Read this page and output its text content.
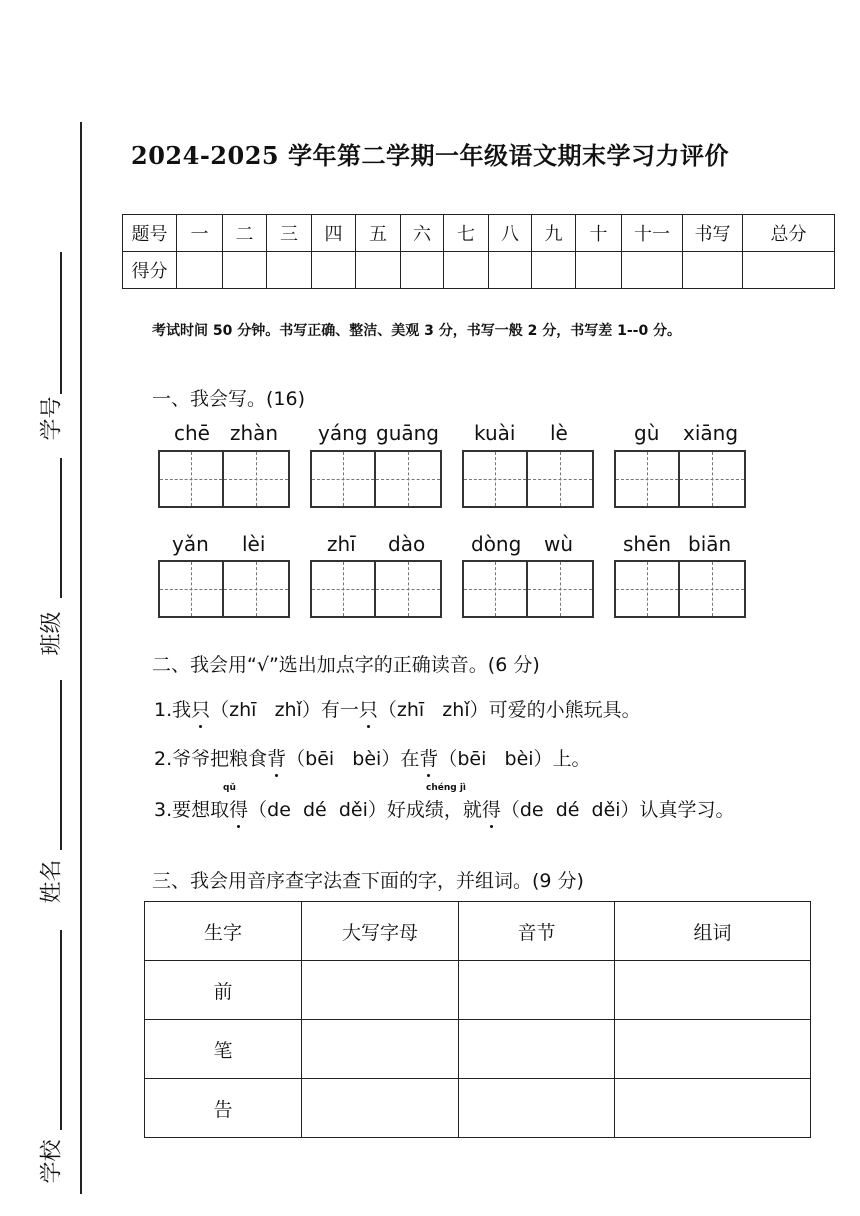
学号
班级
姓名
学校
2024-2025 学年第二学期一年级语文期末学习力评价
题号	一	二	三	四	五	六	七	八	九	十	十一	书写	总分
得分													
考试时间 50 分钟。书写正确、整洁、美观 3 分，书写一般 2 分，书写差 1--0 分。
一、我会写。(16)
chē zhàn yáng guāng kuài lè	gù xiāng
yǎn lèi	zhī dào dòng wù shēn biān
二、我会用“√”选出加点字的正确读音。(6 分)
1.我只（zhī   zhǐ）有一只（zhī   zhǐ）可爱的小熊玩具。
2.爷爷把粮食背（bēi   bèi）在背（bēi   bèi）上。
qǔ	chéng jì
3.要想取得（de  dé  děi）好成绩，就得（de  dé  děi）认真学习。
三、我会用音序查字法查下面的字，并组词。(9 分)
生字	大写字母	音节	组词
前			
笔			
告			
